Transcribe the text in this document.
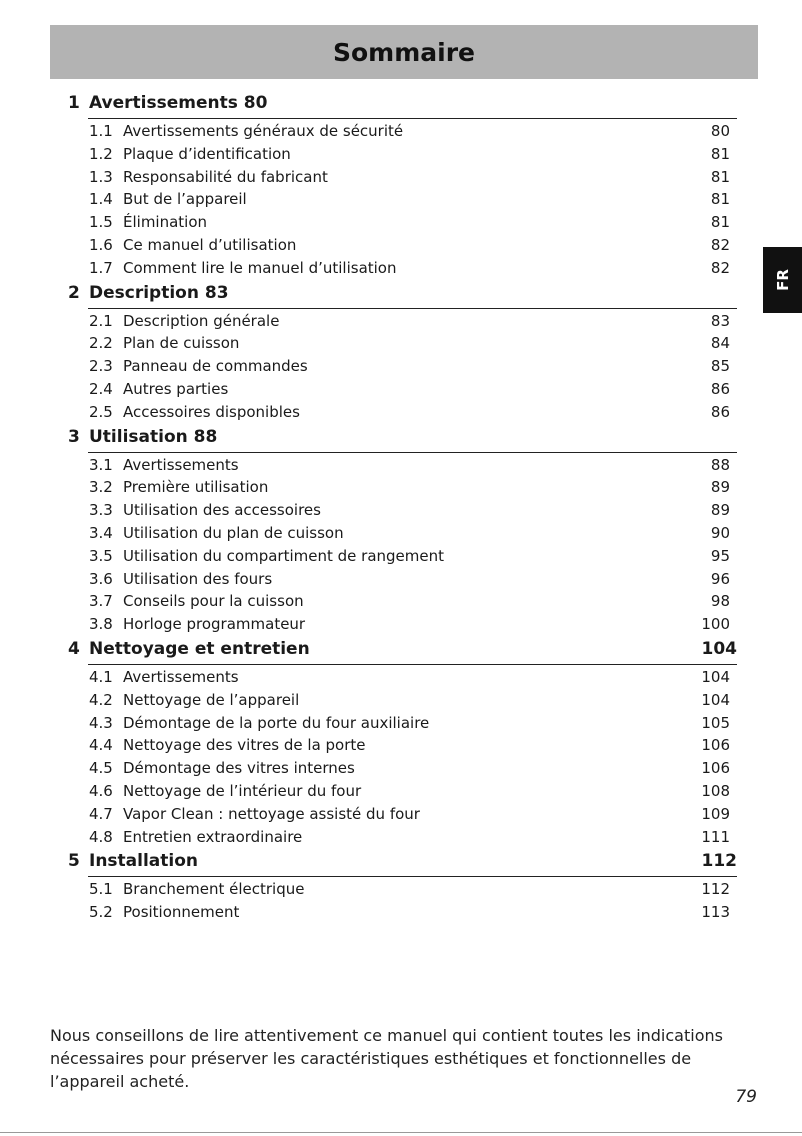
Sommaire
FR
1 Avertissements 80
1.1 Avertissements généraux de sécurité	80
1.2 Plaque d’identification	81
1.3 Responsabilité du fabricant	81
1.4 But de l’appareil	81
1.5 Élimination	81
1.6 Ce manuel d’utilisation	82
1.7 Comment lire le manuel d’utilisation	82
2 Description 83
2.1 Description générale	83
2.2 Plan de cuisson	84
2.3 Panneau de commandes	85
2.4 Autres parties	86
2.5 Accessoires disponibles	86
3 Utilisation 88
3.1 Avertissements	88
3.2 Première utilisation	89
3.3 Utilisation des accessoires	89
3.4 Utilisation du plan de cuisson	90
3.5 Utilisation du compartiment de rangement	95
3.6 Utilisation des fours	96
3.7 Conseils pour la cuisson	98
3.8 Horloge programmateur	100
4 Nettoyage et entretien	104
4.1 Avertissements	104
4.2 Nettoyage de l’appareil	104
4.3 Démontage de la porte du four auxiliaire	105
4.4 Nettoyage des vitres de la porte	106
4.5 Démontage des vitres internes	106
4.6 Nettoyage de l’intérieur du four	108
4.7 Vapor Clean : nettoyage assisté du four	109
4.8 Entretien extraordinaire	111
5 Installation	112
5.1 Branchement électrique	112
5.2 Positionnement	113

Nous conseillons de lire attentivement ce manuel qui contient toutes les indications nécessaires pour préserver les caractéristiques esthétiques et fonctionnelles de l’appareil acheté.

79
